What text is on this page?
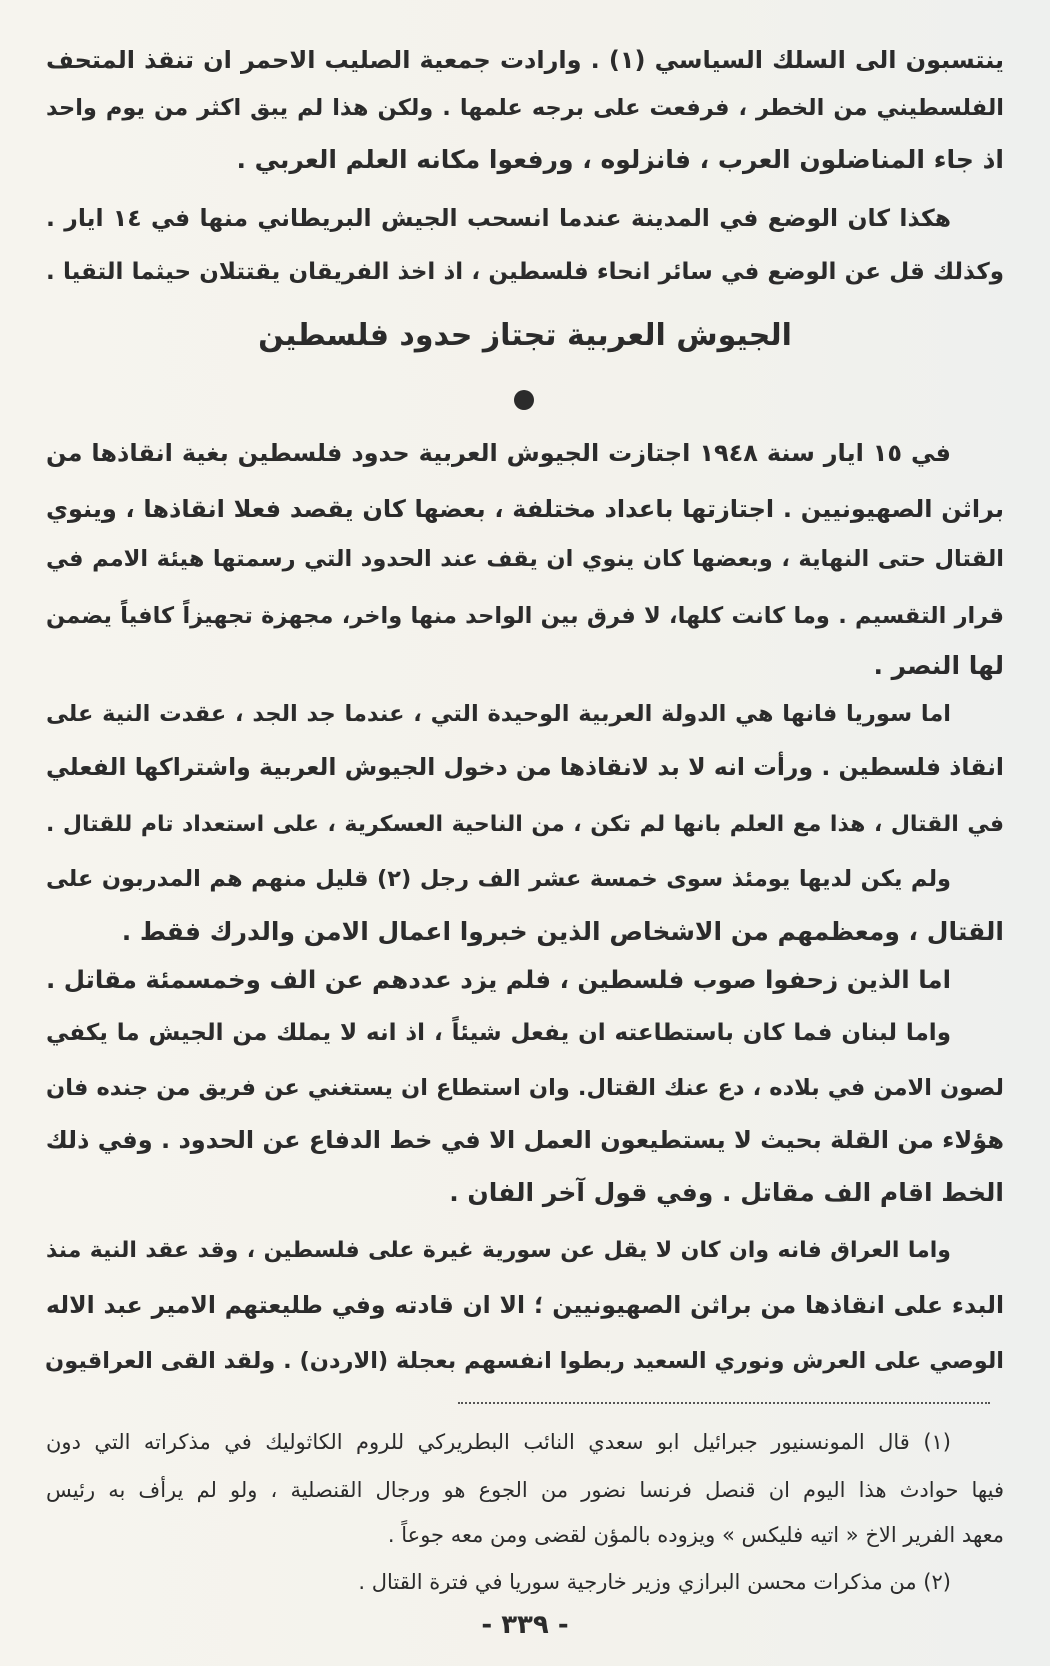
ينتسبون الى السلك السياسي (١) . وارادت جمعية الصليب الاحمر ان تنقذ المتحف
الفلسطيني من الخطر ، فرفعت على برجه علمها . ولكن هذا لم يبق اكثر من يوم واحد
اذ جاء المناضلون العرب ، فانزلوه ، ورفعوا مكانه العلم العربي .
هكذا كان الوضع في المدينة عندما انسحب الجيش البريطاني منها في ١٤ ايار .
وكذلك قل عن الوضع في سائر انحاء فلسطين ، اذ اخذ الفريقان يقتتلان حيثما التقيا .
الجيوش العربية تجتاز حدود فلسطين
في ١٥ ايار سنة ١٩٤٨ اجتازت الجيوش العربية حدود فلسطين بغية انقاذها من
براثن الصهيونيين . اجتازتها باعداد مختلفة ، بعضها كان يقصد فعلا انقاذها ، وينوي
القتال حتى النهاية ، وبعضها كان ينوي ان يقف عند الحدود التي رسمتها هيئة الامم في
قرار التقسيم . وما كانت كلها، لا فرق بين الواحد منها واخر، مجهزة تجهيزاً كافياً يضمن
لها النصر .
اما سوريا فانها هي الدولة العربية الوحيدة التي ، عندما جد الجد ، عقدت النية على
انقاذ فلسطين . ورأت انه لا بد لانقاذها من دخول الجيوش العربية واشتراكها الفعلي
في القتال ، هذا مع العلم بانها لم تكن ، من الناحية العسكرية ، على استعداد تام للقتال .
ولم يكن لديها يومئذ سوى خمسة عشر الف رجل (٢) قليل منهم هم المدربون على
القتال ، ومعظمهم من الاشخاص الذين خبروا اعمال الامن والدرك فقط .
اما الذين زحفوا صوب فلسطين ، فلم يزد عددهم عن الف وخمسمئة مقاتل .
واما لبنان فما كان باستطاعته ان يفعل شيئاً ، اذ انه لا يملك من الجيش ما يكفي
لصون الامن في بلاده ، دع عنك القتال. وان استطاع ان يستغني عن فريق من جنده فان
هؤلاء من القلة بحيث لا يستطيعون العمل الا في خط الدفاع عن الحدود . وفي ذلك
الخط اقام الف مقاتل . وفي قول آخر الفان .
واما العراق فانه وان كان لا يقل عن سورية غيرة على فلسطين ، وقد عقد النية منذ
البدء على انقاذها من براثن الصهيونيين ؛ الا ان قادته وفي طليعتهم الامير عبد الاله
الوصي على العرش ونوري السعيد ربطوا انفسهم بعجلة (الاردن) . ولقد القى العراقيون
(١) قال المونسنيور جبرائيل ابو سعدي النائب البطريركي للروم الكاثوليك في مذكراته التي دون
فيها حوادث هذا اليوم ان قنصل فرنسا نضور من الجوع هو ورجال القنصلية ، ولو لم يرأف به رئيس
معهد الفرير الاخ « اتيه فليكس » ويزوده بالمؤن لقضى ومن معه جوعاً .
(٢) من مذكرات محسن البرازي وزير خارجية سوريا في فترة القتال .
- ٣٣٩ -
